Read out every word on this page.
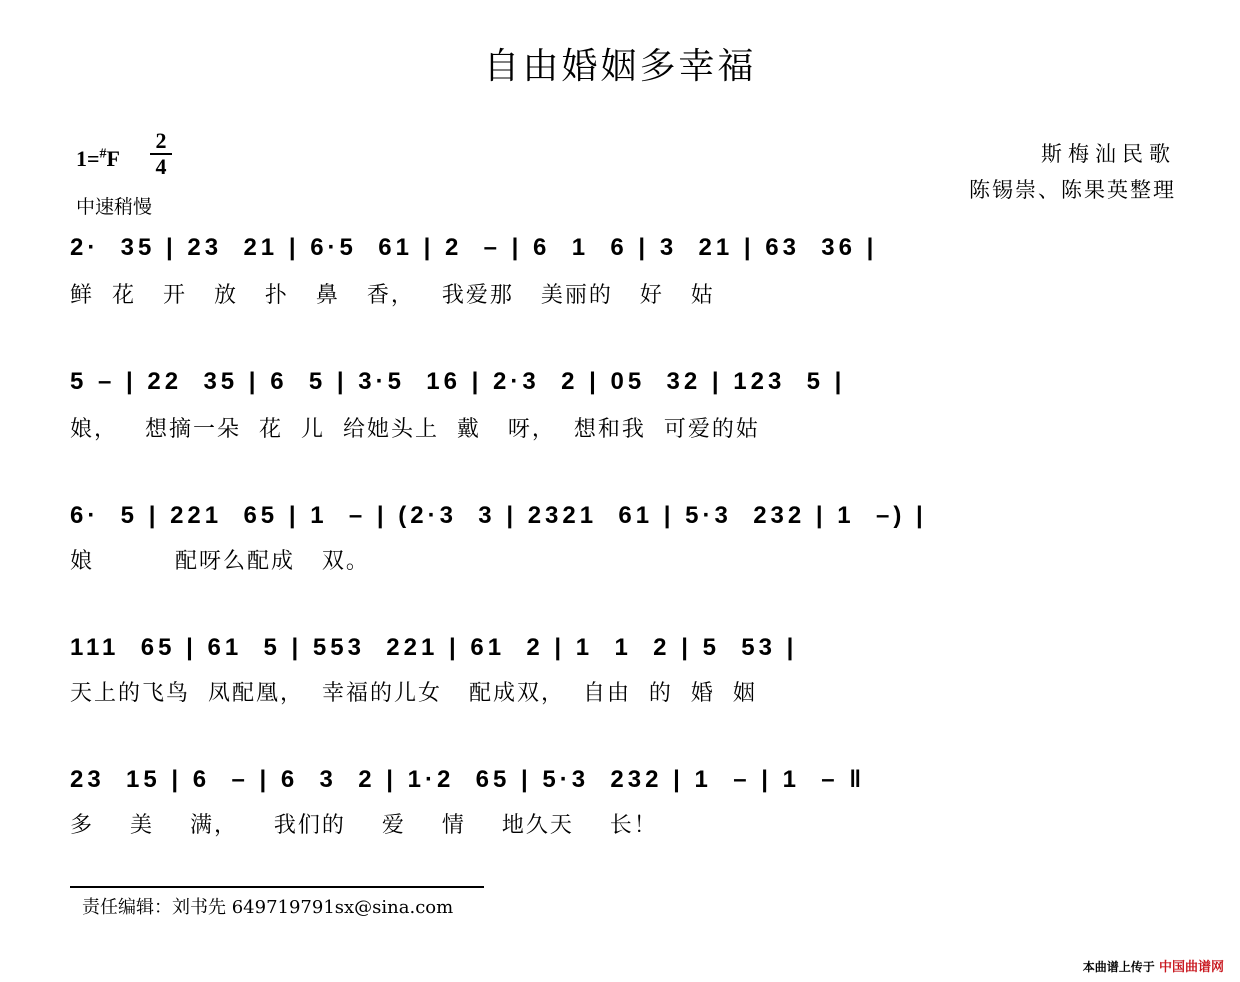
自由婚姻多幸福
1=#F
2
4
中速稍慢
斯梅汕民歌
陈锡崇、陈果英整理
2·  35 | 23  21 | 6·5  61 | 2  – | 6  1  6 | 3  21 | 63  36 |
鲜  花   开   放   扑   鼻   香，   我爱那   美丽的   好   姑
5 – | 22  35 | 6  5 | 3·5  16 | 2·3  2 | 05  32 | 123  5 |
娘，   想摘一朵  花  儿  给她头上  戴   呀，  想和我  可爱的姑
6·  5 | 221  65 | 1  – | (2·3  3 | 2321  61 | 5·3  232 | 1  –) |
娘         配呀么配成   双。
111  65 | 61  5 | 553  221 | 61  2 | 1  1  2 | 5  53 |
天上的飞鸟  凤配凰，  幸福的儿女   配成双，  自由  的  婚  姻
23  15 | 6  – | 6  3  2 | 1·2  65 | 5·3  232 | 1  – | 1  – ‖
多    美    满，    我们的    爱    情    地久天    长！
责任编辑：刘书先 649719791sx@sina.com
本曲谱上传于 中国曲谱网
